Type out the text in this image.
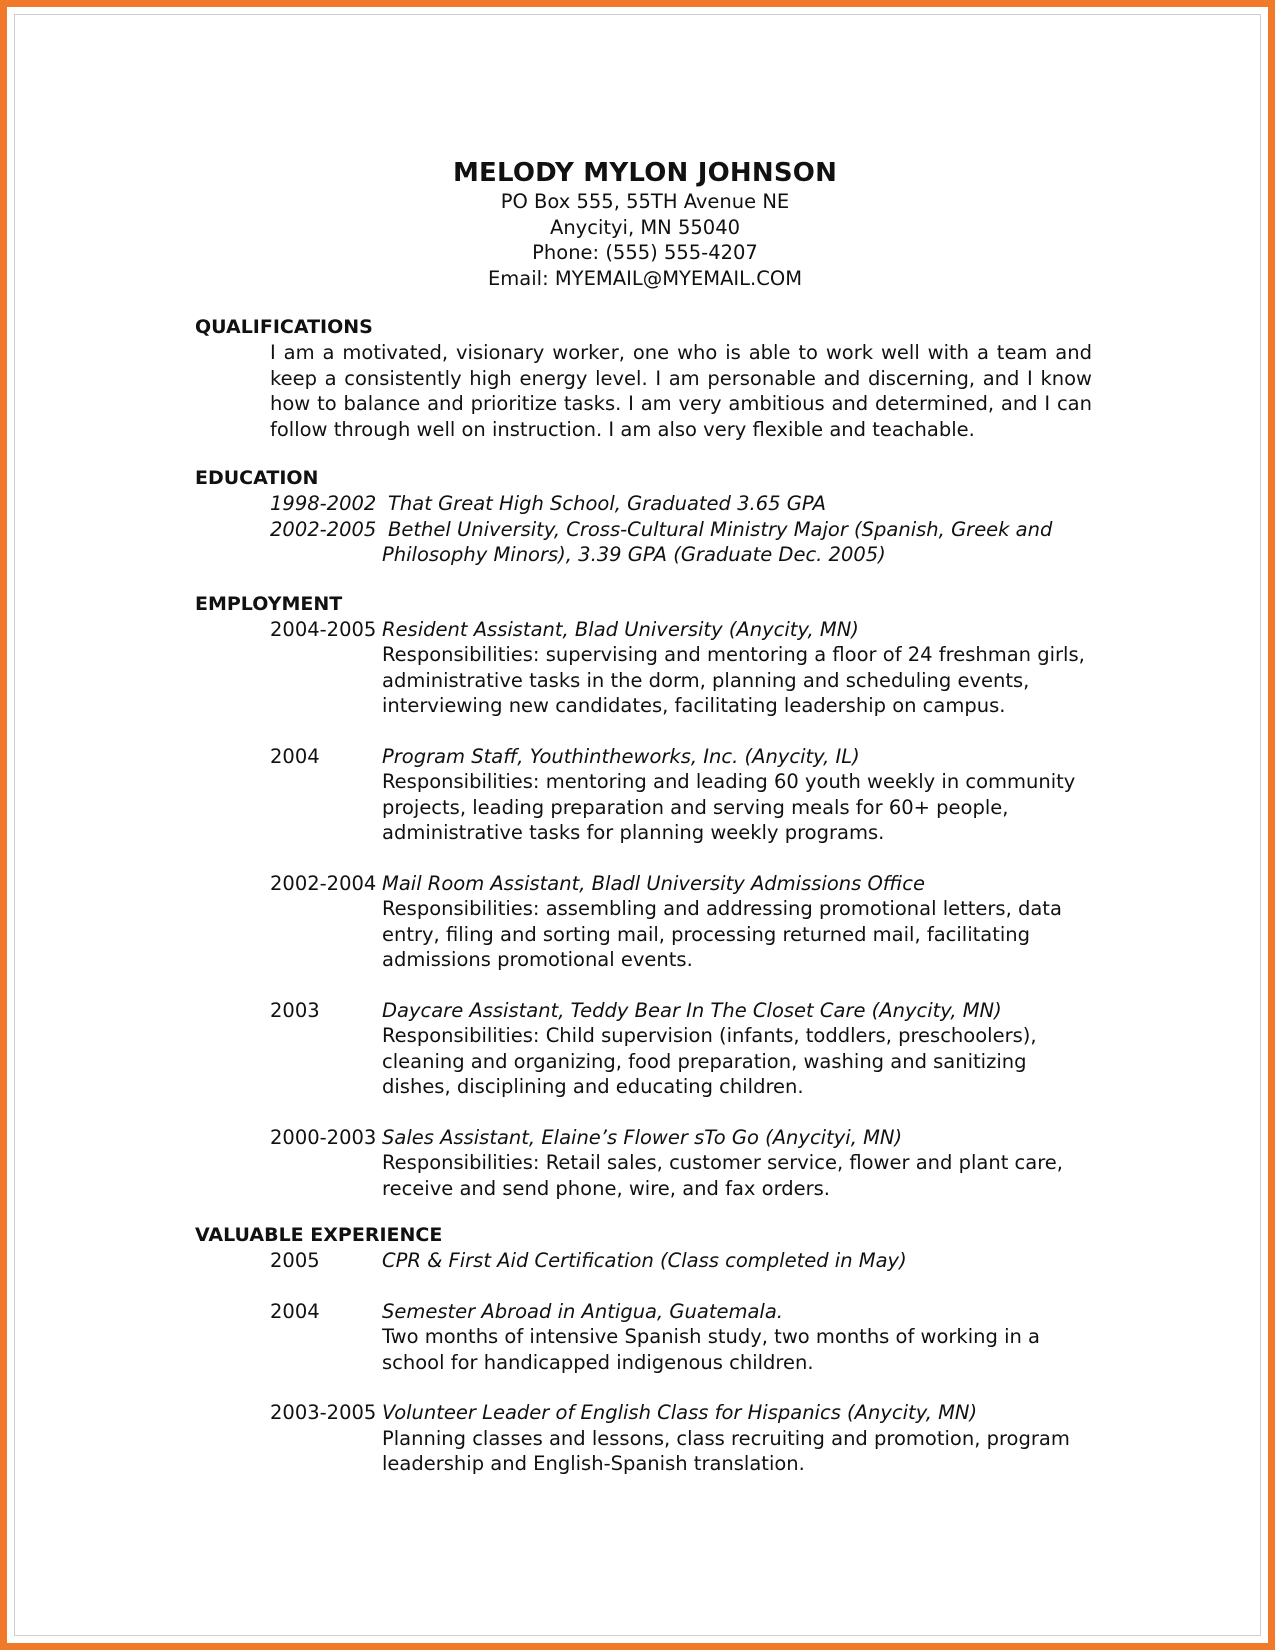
MELODY MYLON JOHNSON
PO Box 555, 55TH Avenue NE
Anycityi, MN 55040
Phone: (555) 555-4207
Email: MYEMAIL@MYEMAIL.COM
QUALIFICATIONS
I am a motivated, visionary worker, one who is able to work well with a team and keep a consistently high energy level. I am personable and discerning, and I know how to balance and prioritize tasks. I am very ambitious and determined, and I can follow through well on instruction. I am also very flexible and teachable.
EDUCATION
1998-2002 That Great High School, Graduated 3.65 GPA
2002-2005 Bethel University, Cross-Cultural Ministry Major (Spanish, Greek and
Philosophy Minors), 3.39 GPA (Graduate Dec. 2005)
EMPLOYMENT
2004-2005 Resident Assistant, Blad University (Anycity, MN)
Responsibilities: supervising and mentoring a floor of 24 freshman girls,
administrative tasks in the dorm, planning and scheduling events,
interviewing new candidates, facilitating leadership on campus.
2004	Program Staff, Youthintheworks, Inc. (Anycity, IL)
Responsibilities: mentoring and leading 60 youth weekly in community
projects, leading preparation and serving meals for 60+ people,
administrative tasks for planning weekly programs.
2002-2004 Mail Room Assistant, Bladl University Admissions Office
Responsibilities: assembling and addressing promotional letters, data
entry, filing and sorting mail, processing returned mail, facilitating
admissions promotional events.
2003	Daycare Assistant, Teddy Bear In The Closet Care (Anycity, MN)
Responsibilities: Child supervision (infants, toddlers, preschoolers),
cleaning and organizing, food preparation, washing and sanitizing
dishes, disciplining and educating children.
2000-2003 Sales Assistant, Elaine’s Flower sTo Go (Anycityi, MN)
Responsibilities: Retail sales, customer service, flower and plant care,
receive and send phone, wire, and fax orders.
VALUABLE EXPERIENCE
2005	CPR & First Aid Certification (Class completed in May)
2004	Semester Abroad in Antigua, Guatemala.
Two months of intensive Spanish study, two months of working in a
school for handicapped indigenous children.
2003-2005 Volunteer Leader of English Class for Hispanics (Anycity, MN)
Planning classes and lessons, class recruiting and promotion, program
leadership and English-Spanish translation.
